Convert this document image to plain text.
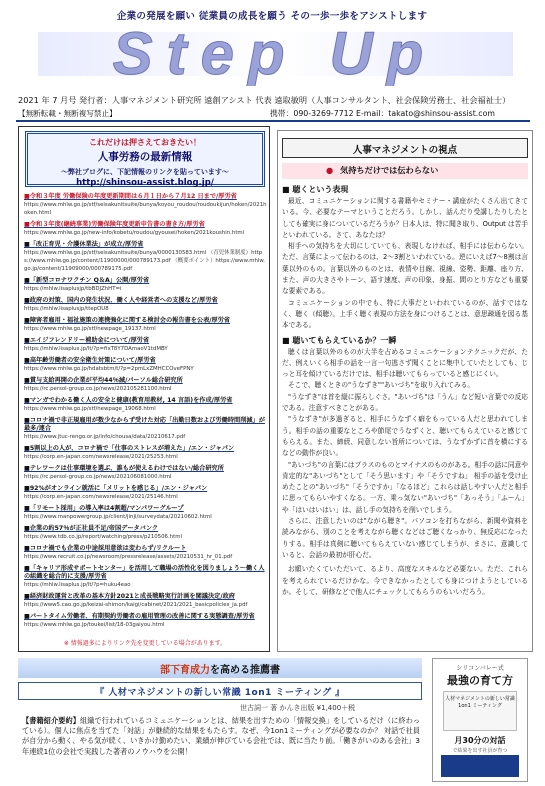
企業の発展を願い 従業員の成長を願う その一歩一歩をアシストします
Step Up
2021 年 7 月号 発行者：人事マネジメント研究所 遠創アシスト 代表 遠取敏明（人事コンサルタント、社会保険労務士、社会福祉士）
【無断転載・無断複写禁止】	携帯：090-3269-7712 E-mail：takato@shinsou-assist.com
これだけは押さえておきたい！
人事労務の最新情報
～弊社ブログに、下記情報のリンクを貼っています～
http://shinsou-assist.blog.jp/
■令和３年度 労働保険の年度更新期間は６月１日から７月12 日まで/厚労省
https://www.mhlw.go.jp/stf/seisakunitsuite/bunya/koyou_roudou/roudoukijun/hoken/2021hoken.html
■令和３年度(継続事業)労働保険年度更新申告書の書き方/厚労省
https://www.mhlw.go.jp/new-info/kobetu/roudou/gyousei/hoken/2021koushin.html
■「改正育児・介護休業法」が成立/厚労省
https://www.mhlw.go.jp/stf/seisakunitsuite/bunya/0000130583.html （育児休業制度）https://www.mhlw.go.jp/content/11900000/000789173.pdf （概要ポイント）https://www.mhlw.go.jp/content/11909000/000789175.pdf
■「新型コロナワクチン Q＆A」公開/厚労省
https://mhlw.lisaplusjp/tbBDJZhHT=i
■政府の対策、国内の発生状況、働く人や経営者への支援など/厚労省
https://mhlw.lisaplusjp/ttepOU8
■障害者雇用・福祉施策の連携強化に関する検討会の報告書を公表/厚労省
https://www.mhlw.go.jp/stf/newpage_19137.html
■エイジフレンドリー補助金について/厚労省
https://mhlw.lisaplus.jp/lt/?p=fixT8Y7DAmaoV1tdMBY
■高年齢労働者の安全衛生対策について/厚労省
https://www.mhlw.go.jp/hdatsbtm/t/?p=2pmLxZMHCCOveFPNY
■賞与支給再開の企業が平均44％減/パーソル総合研究所
https://rc.persol-group.co.jp/news/202105281100.html
■マンガでわかる働く人の安全と健康(教育用教材, 14 言語)を作成/厚労省
https://www.mhlw.go.jp/stf/newpage_19068.html
■コロナ禍で非正規雇用が数少なからず受けた対応「出勤日数および労働時間削減」が最多/連合
https://www.jtuc-rengo.or.jp/info/chousa/data/20210617.pdf
■5割以上の人が、コロナ禍で「仕事のストレスが増えた」/エン・ジャパン
https://corp.en-japan.com/newsrelease/2021/25253.html
■テレワークは仕事環境を選ぶ、誰もが使えるわけではない/総合研究所
https://rc.persol-group.co.jp/news/202106081000.html
■92%がオンライン就活に「メリットを感じる」/エン・ジャパン
https://corp.en-japan.com/newsrelease/2021/25146.html
■「リモート採用」の導入率は4割超/マンパワーグループ
https://www.manpowergroup.jp/client/jinji/surveydata/20210602.html
■企業の約57％が正社員不足/帝国データバンク
https://www.tdb.co.jp/report/watching/press/p210506.html
■コロナ禍でも企業の中途採用意欲は変わらず/リクルート
https://www.recruit.co.jp/newsroom/pressrelease/assets/20210531_hr_01.pdf
■「キャリア形成サポートセンター」を活用して職場の活性化を図りましょう～働く人の組織を総合的に支援/厚労省
https://mhlw.lisaplus.jp/lt/?p=huku4eao
■経済財政運営と改革の基本方針2021と成長戦略実行計画を閣議決定/政府
https://www5.cao.go.jp/keizai-shimon/kaigi/cabinet/2021/2021_basicpolicies_ja.pdf
■パートタイム労働者、有期契約労働者の雇用管理の改善に関する実態調査/厚労省
https://www.mhlw.go.jp/toukei/list/18-03gaiyou.html
※ 情報過多によりリンク先を変更している場合があります。
人事マネジメントの視点
● 気持ちだけでは伝わらない
■ 聴くという表現

最近、コミュニケーションに関する書籍やセミナー・講座がたくさん出てきている。今、必要なテーマということだろう。しかし、話んだり受講したりしたとしても確実に身についているだろうか？日本人は、特に聞き取り、Output は苦手といわれている。さて、あなたは？

相手への気持ちを大切にしていても、表現しなければ、相手には伝わらない。ただ、言葉によって伝わるのは、2〜3割といわれている。逆にいえば7〜8割は言葉以外のもの。言葉以外のものとは、表情や目線、視線、姿勢、距離、座り方、また、声の大きさやトーン、語す速度、声の印象、身振、間のとり方なども重要な要素である。

コミュニケーションの中でも、特に大事だといわれているのが、話すではなく、聴く（傾聴）。上手く聴く表現の方法を身につけることは、意思疎通を図る基本である。

■ 聴いてもらえているか？一瞬

聴くは言葉以外のものが大半を占めるコミュニケーションテクニックだが、ただ、例えいくら相手の話を一言一句逃さず聞くことに集中していたとしても、じっと耳を傾けているだけでは、相手は聴いてもらっていると感じにくい。

そこで、聴くときの"うなずき""あいづち"を取り入れてみる。

"うなずき"は首を縦に振らしぐさ。"あいづち"は「うん」など短い言葉での反応である。注意すべきことがある。

"うなずき"が多過ぎると、相手にうなずく癖をもっている人だと思われてしまう。相手の話の重要なところや節尾でうなずくと、聴いてもらえていると感じてもらえる。また、締続、同意しない旨所については、うなずかずに首を横にするなどの動作が良い。

"あいづち"の言葉にはプラスのものとマイナスのものがある。相手の話に同意や肯定的な"あいづち"として「そう思います」や「そうですね」 相手の話を受け止めたことの"あいづち"「そうですか」「なるほど」これらは話しやすい人だと相手に思ってもらいやすくなる。一方、乗っ気ない"あいづち"「あっそう」「ふーん」や「はいはいはい」は、話し手の気持ちを削いでしまう。

さらに、注意したいのは"ながら聴き"。パソコンを打ちながら、新聞や資料を読みながら、別のことを考えながら聴くなどはご聴くなっかり、無反応になったりする。相手は真剣に聴いてもらえていない感じてしまうが、まさに、意識していると、会話の最初が肝心だ。

お願いたくていただいて、るより、高度なスキルなど必要ない。ただ、これらを考えられているだけかな。今できなかったとしても身につけようとしているか。そして、研修などで他人にチェックしてもらうのもいいだろう。

部下育成力を高める推薦書
『 人材マネジメントの新しい常識 1on1 ミーティング 』
世古詞一 著 かんき出版 ¥1,400＋税
【書籍紹介要約】組織で行われているコミュニケーションとは、結果を出すための「情報交換」をしているだけ（に終わっている）。個人に焦点を当てた「対話」が継続的な結果をもたらす。なぜ、今1on1ミーティングが必要なのか？ 対話で社員が自分から動く、やる気が続く、いきかけ勤めたい、業績が伸びている会社では、既に当たり前。「働きがいのある会社」3年連続1位の会社で実践した著者のノウハウを公開！
シリコンバレー式
最強の育て方
人材マネジメントの新しい常識 1on1 ミーティング
月30分の対話
で結果を出す社員が育つ
